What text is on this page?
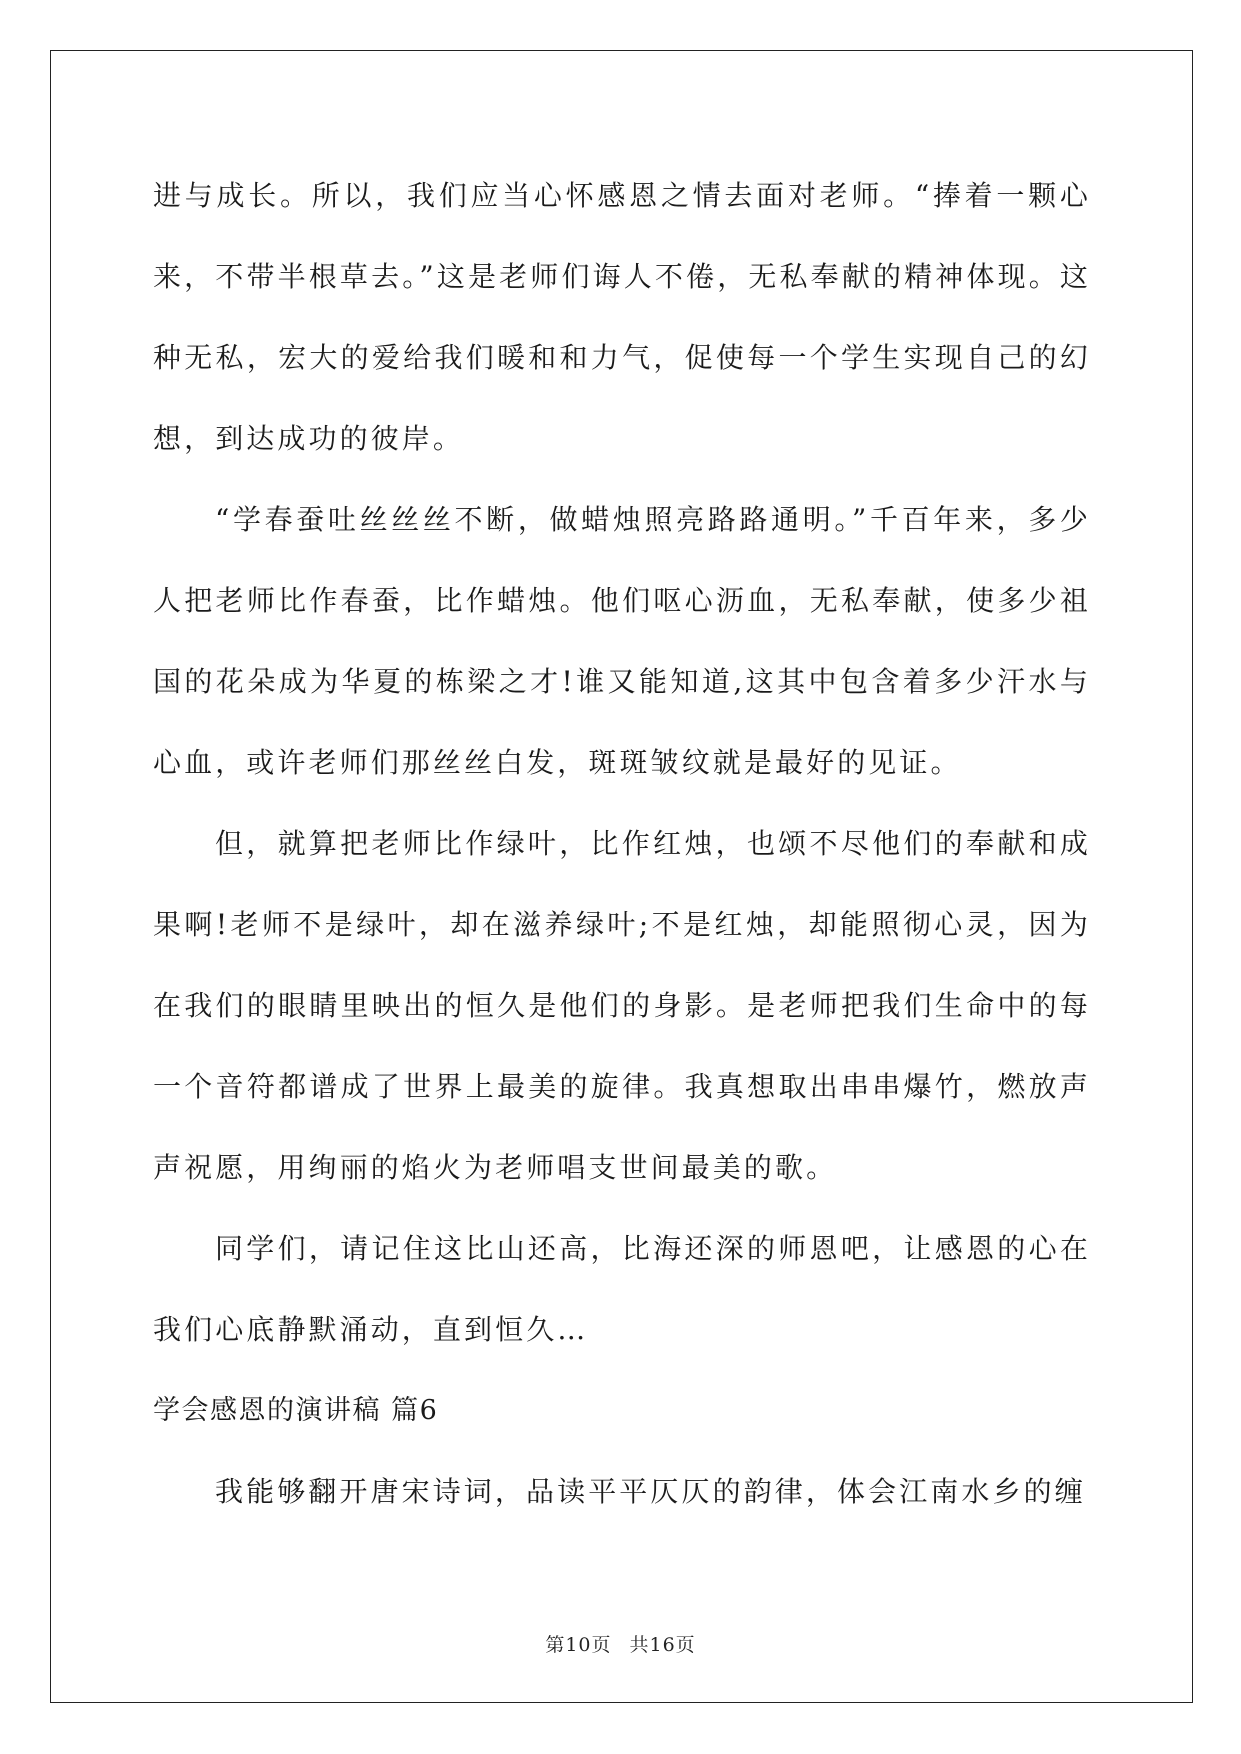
进与成长。所以，我们应当心怀感恩之情去面对老师。“捧着一颗心来，不带半根草去。”这是老师们诲人不倦，无私奉献的精神体现。这种无私，宏大的爱给我们暖和和力气，促使每一个学生实现自己的幻想，到达成功的彼岸。

“学春蚕吐丝丝丝不断，做蜡烛照亮路路通明。”千百年来，多少人把老师比作春蚕，比作蜡烛。他们呕心沥血，无私奉献，使多少祖国的花朵成为华夏的栋梁之才!谁又能知道,这其中包含着多少汗水与心血，或许老师们那丝丝白发，斑斑皱纹就是最好的见证。

但，就算把老师比作绿叶，比作红烛，也颂不尽他们的奉献和成果啊!老师不是绿叶，却在滋养绿叶;不是红烛，却能照彻心灵，因为在我们的眼睛里映出的恒久是他们的身影。是老师把我们生命中的每一个音符都谱成了世界上最美的旋律。我真想取出串串爆竹，燃放声声祝愿，用绚丽的焰火为老师唱支世间最美的歌。

同学们，请记住这比山还高，比海还深的师恩吧，让感恩的心在我们心底静默涌动，直到恒久…

学会感恩的演讲稿 篇6

我能够翻开唐宋诗词，品读平平仄仄的韵律，体会江南水乡的缠

第10页 共16页
